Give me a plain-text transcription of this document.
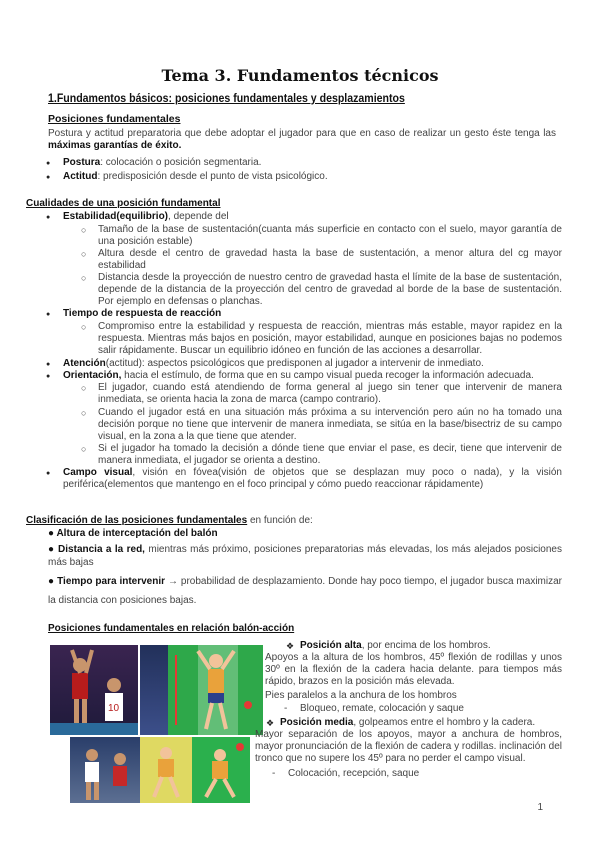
Tema 3. Fundamentos técnicos
1.Fundamentos básicos: posiciones fundamentales y desplazamientos
Posiciones fundamentales
Postura y actitud preparatoria que debe adoptar el jugador para que en caso de realizar un gesto éste tenga las máximas garantías de éxito.
● Postura: colocación o posición segmentaria.
● Actitud: predisposición desde el punto de vista psicológico.
Cualidades de una posición fundamental
● Estabilidad(equilibrio), depende del
○ Tamaño de la base de sustentación(cuanta más superficie en contacto con el suelo, mayor garantía de una posición estable)
○ Altura desde el centro de gravedad hasta la base de sustentación, a menor altura del cg mayor estabilidad
○ Distancia desde la proyección de nuestro centro de gravedad hasta el límite de la base de sustentación, depende de la distancia de la proyección del centro de gravedad al borde de la base de sustentación. Por ejemplo en defensas o planchas.
● Tiempo de respuesta de reacción
○ Compromiso entre la estabilidad y respuesta de reacción, mientras más estable, mayor rapidez en la respuesta. Mientras más bajos en posición, mayor estabilidad, aunque en posiciones bajas no podemos salir rápidamente. Buscar un equilibrio idóneo en función de las acciones a desarrollar.
● Atención(actitud): aspectos psicológicos que predisponen al jugador a intervenir de inmediato.
● Orientación, hacia el estímulo, de forma que en su campo visual pueda recoger la información adecuada.
○ El jugador, cuando está atendiendo de forma general al juego sin tener que intervenir de manera inmediata, se orienta hacia la zona de marca (campo contrario).
○ Cuando el jugador está en una situación más próxima a su intervención pero aún no ha tomado una decisión porque no tiene que intervenir de manera inmediata, se sitúa en la base/bisectriz de su campo visual, en la zona a la que tiene que atender.
○ Si el jugador ha tomado la decisión a dónde tiene que enviar el pase, es decir, tiene que intervenir de manera inmediata, el jugador se orienta a destino.
● Campo visual, visión en fóvea(visión de objetos que se desplazan muy poco o nada), y la visión periférica(elementos que mantengo en el foco principal y cómo puedo reaccionar rápidamente)
Clasificación de las posiciones fundamentales en función de:
● Altura de interceptación del balón
● Distancia a la red, mientras más próximo, posiciones preparatorias más elevadas, los más alejados posiciones más bajas
● Tiempo para intervenir → probabilidad de desplazamiento. Donde hay poco tiempo, el jugador busca maximizar la distancia con posiciones bajas.
Posiciones fundamentales en relación balón-acción
10
❖ Posición alta, por encima de los hombros.
Apoyos a la altura de los hombros, 45º flexión de rodillas y unos 30º en la flexión de la cadera hacia delante. para tiempos más rápido, brazos en la posición más elevada.
Pies paralelos a la anchura de los hombros
- Bloqueo, remate, colocación y saque
❖ Posición media, golpeamos entre el hombro y la cadera.
Mayor separación de los apoyos, mayor a anchura de hombros, mayor pronunciación de la flexión de cadera y rodillas. inclinación del tronco que no supere los 45º para no perder el campo visual.
- Colocación, recepción, saque
1
